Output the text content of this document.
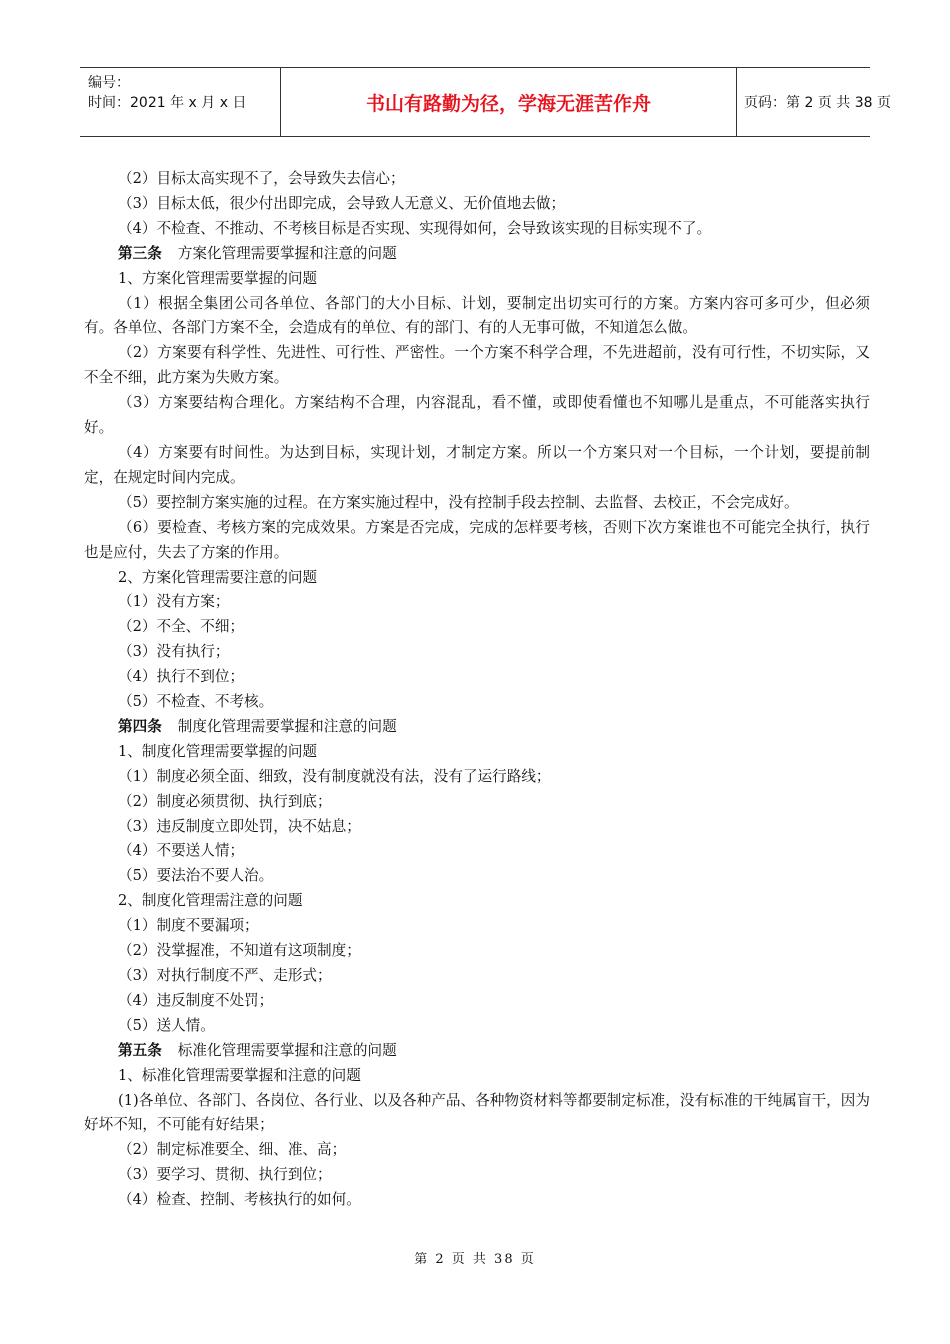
编号：
时间：2021 年 x 月 x 日	书山有路勤为径，学海无涯苦作舟	页码：第 2 页 共 38 页

（2）目标太高实现不了，会导致失去信心；

（3）目标太低，很少付出即完成，会导致人无意义、无价值地去做；

（4）不检查、不推动、不考核目标是否实现、实现得如何，会导致该实现的目标实现不了。

第三条 方案化管理需要掌握和注意的问题

1、方案化管理需要掌握的问题

（1）根据全集团公司各单位、各部门的大小目标、计划，要制定出切实可行的方案。方案内容可多可少，但必须有。各单位、各部门方案不全，会造成有的单位、有的部门、有的人无事可做，不知道怎么做。

（2）方案要有科学性、先进性、可行性、严密性。一个方案不科学合理，不先进超前，没有可行性，不切实际，又不全不细，此方案为失败方案。

（3）方案要结构合理化。方案结构不合理，内容混乱，看不懂，或即使看懂也不知哪儿是重点，不可能落实执行好。

（4）方案要有时间性。为达到目标，实现计划，才制定方案。所以一个方案只对一个目标，一个计划，要提前制定，在规定时间内完成。

（5）要控制方案实施的过程。在方案实施过程中，没有控制手段去控制、去监督、去校正，不会完成好。

（6）要检查、考核方案的完成效果。方案是否完成，完成的怎样要考核，否则下次方案谁也不可能完全执行，执行也是应付，失去了方案的作用。

2、方案化管理需要注意的问题

（1）没有方案；

（2）不全、不细；

（3）没有执行；

（4）执行不到位；

（5）不检查、不考核。

第四条 制度化管理需要掌握和注意的问题

1、制度化管理需要掌握的问题

（1）制度必须全面、细致，没有制度就没有法，没有了运行路线；

（2）制度必须贯彻、执行到底；

（3）违反制度立即处罚，决不姑息；

（4）不要送人情；

（5）要法治不要人治。

2、制度化管理需注意的问题

（1）制度不要漏项；

（2）没掌握准，不知道有这项制度；

（3）对执行制度不严、走形式；

（4）违反制度不处罚；

（5）送人情。

第五条 标准化管理需要掌握和注意的问题

1、标准化管理需要掌握和注意的问题

(1)各单位、各部门、各岗位、各行业、以及各种产品、各种物资材料等都要制定标准，没有标准的干纯属盲干，因为好坏不知，不可能有好结果；

（2）制定标准要全、细、准、高；

（3）要学习、贯彻、执行到位；

（4）检查、控制、考核执行的如何。

第 2 页 共 38 页
